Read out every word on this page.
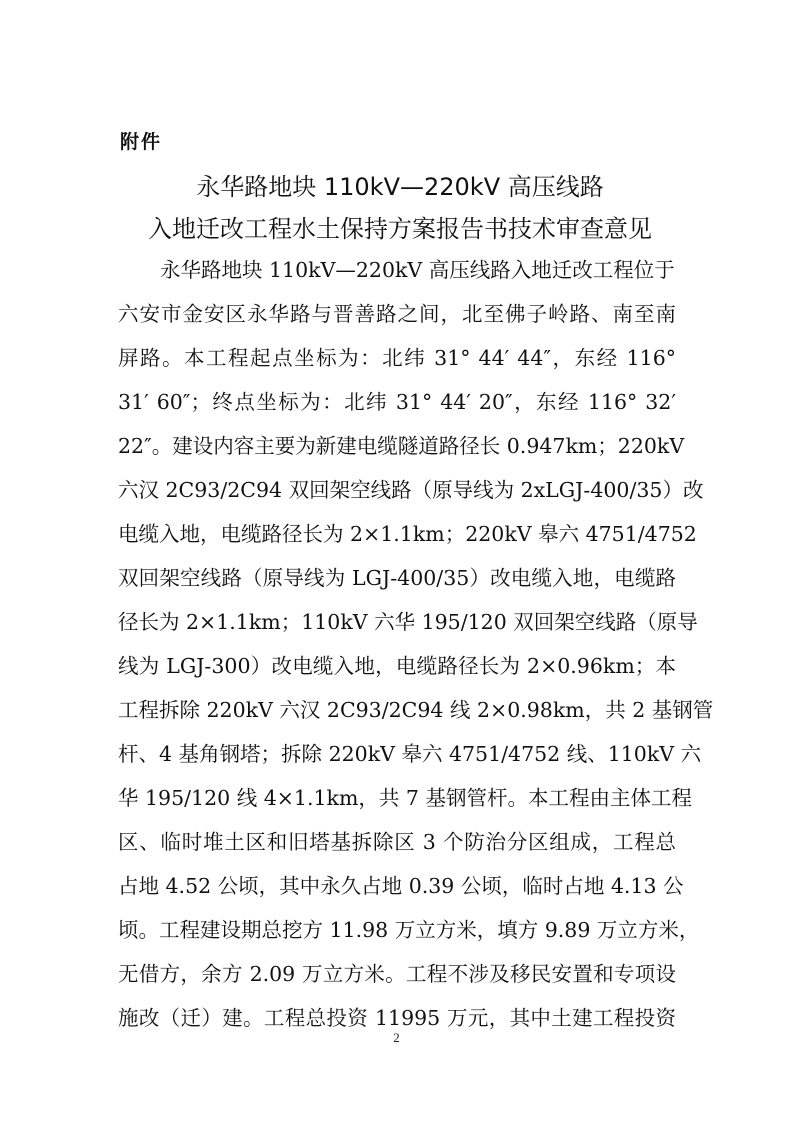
附件
永华路地块 110kV—220kV 高压线路
入地迁改工程水土保持方案报告书技术审查意见
永华路地块 110kV—220kV 高压线路入地迁改工程位于
六安市金安区永华路与晋善路之间，北至佛子岭路、南至南
屏路。本工程起点坐标为：北纬 31° 44′ 44″，东经 116°
31′ 60″；终点坐标为：北纬 31° 44′ 20″，东经 116° 32′
22″。建设内容主要为新建电缆隧道路径长 0.947km；220kV
六汉 2C93/2C94 双回架空线路（原导线为 2xLGJ-400/35）改
电缆入地，电缆路径长为 2×1.1km；220kV 皋六 4751/4752
双回架空线路（原导线为 LGJ-400/35）改电缆入地，电缆路
径长为 2×1.1km；110kV 六华 195/120 双回架空线路（原导
线为 LGJ-300）改电缆入地，电缆路径长为 2×0.96km；本
工程拆除 220kV 六汉 2C93/2C94 线 2×0.98km，共 2 基钢管
杆、4 基角钢塔；拆除 220kV 皋六 4751/4752 线、110kV 六
华 195/120 线 4×1.1km，共 7 基钢管杆。本工程由主体工程
区、临时堆土区和旧塔基拆除区 3 个防治分区组成，工程总
占地 4.52 公顷，其中永久占地 0.39 公顷，临时占地 4.13 公
顷。工程建设期总挖方 11.98 万立方米，填方 9.89 万立方米，
无借方，余方 2.09 万立方米。工程不涉及移民安置和专项设
施改（迁）建。工程总投资 11995 万元，其中土建工程投资
2
